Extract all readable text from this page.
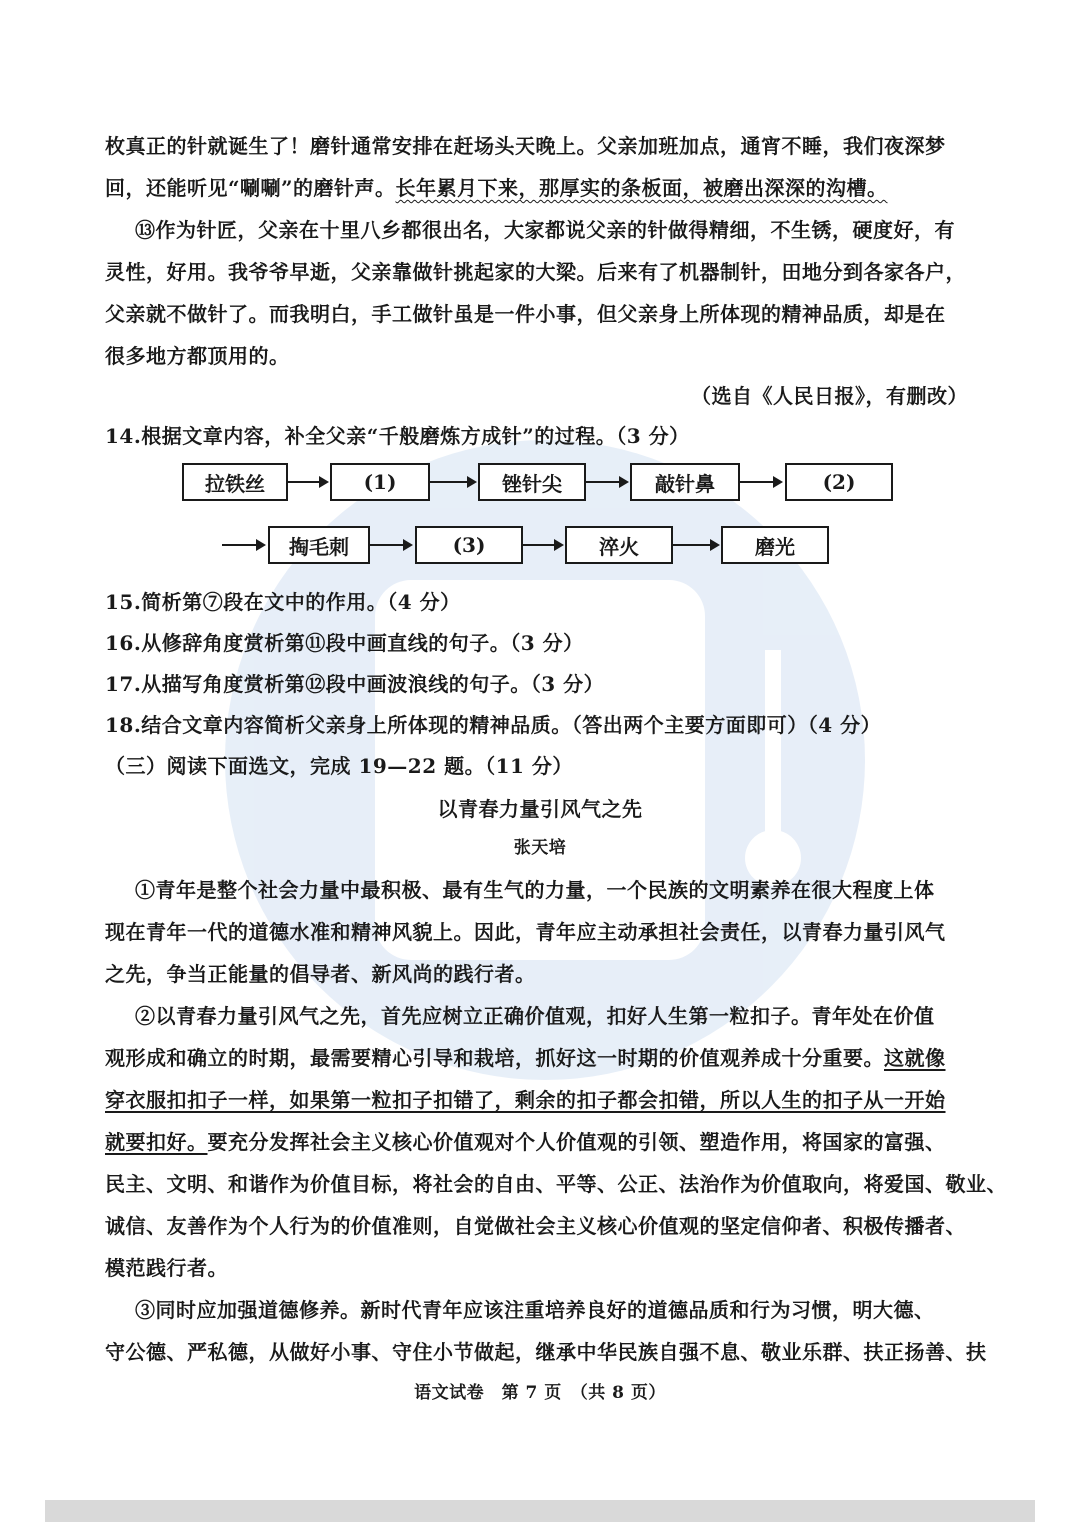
枚真正的针就诞生了！磨针通常安排在赶场头天晚上。父亲加班加点，通宵不睡，我们夜深梦
回，还能听见“唰唰”的磨针声。长年累月下来，那厚实的条板面，被磨出深深的沟槽。
⑬作为针匠，父亲在十里八乡都很出名，大家都说父亲的针做得精细，不生锈，硬度好，有
灵性，好用。我爷爷早逝，父亲靠做针挑起家的大梁。后来有了机器制针，田地分到各家各户，
父亲就不做针了。而我明白，手工做针虽是一件小事，但父亲身上所体现的精神品质，却是在
很多地方都顶用的。
（选自《人民日报》，有删改）
14.根据文章内容，补全父亲“千般磨炼方成针”的过程。（3 分）
拉铁丝	(1)	锉针尖	敲针鼻	(2)
掏毛刺	(3)	淬火	磨光
15.简析第⑦段在文中的作用。（4 分）
16.从修辞角度赏析第⑪段中画直线的句子。（3 分）
17.从描写角度赏析第⑫段中画波浪线的句子。（3 分）
18.结合文章内容简析父亲身上所体现的精神品质。（答出两个主要方面即可）（4 分）
（三）阅读下面选文，完成 19—22 题。（11 分）
以青春力量引风气之先
张天培
①青年是整个社会力量中最积极、最有生气的力量，一个民族的文明素养在很大程度上体
现在青年一代的道德水准和精神风貌上。因此，青年应主动承担社会责任，以青春力量引风气
之先，争当正能量的倡导者、新风尚的践行者。
②以青春力量引风气之先，首先应树立正确价值观，扣好人生第一粒扣子。青年处在价值
观形成和确立的时期，最需要精心引导和栽培，抓好这一时期的价值观养成十分重要。这就像
穿衣服扣扣子一样，如果第一粒扣子扣错了，剩余的扣子都会扣错，所以人生的扣子从一开始
就要扣好。要充分发挥社会主义核心价值观对个人价值观的引领、塑造作用，将国家的富强、
民主、文明、和谐作为价值目标，将社会的自由、平等、公正、法治作为价值取向，将爱国、敬业、
诚信、友善作为个人行为的价值准则，自觉做社会主义核心价值观的坚定信仰者、积极传播者、
模范践行者。
③同时应加强道德修养。新时代青年应该注重培养良好的道德品质和行为习惯，明大德、
守公德、严私德，从做好小事、守住小节做起，继承中华民族自强不息、敬业乐群、扶正扬善、扶
语文试卷　第 7 页　（共 8 页）
